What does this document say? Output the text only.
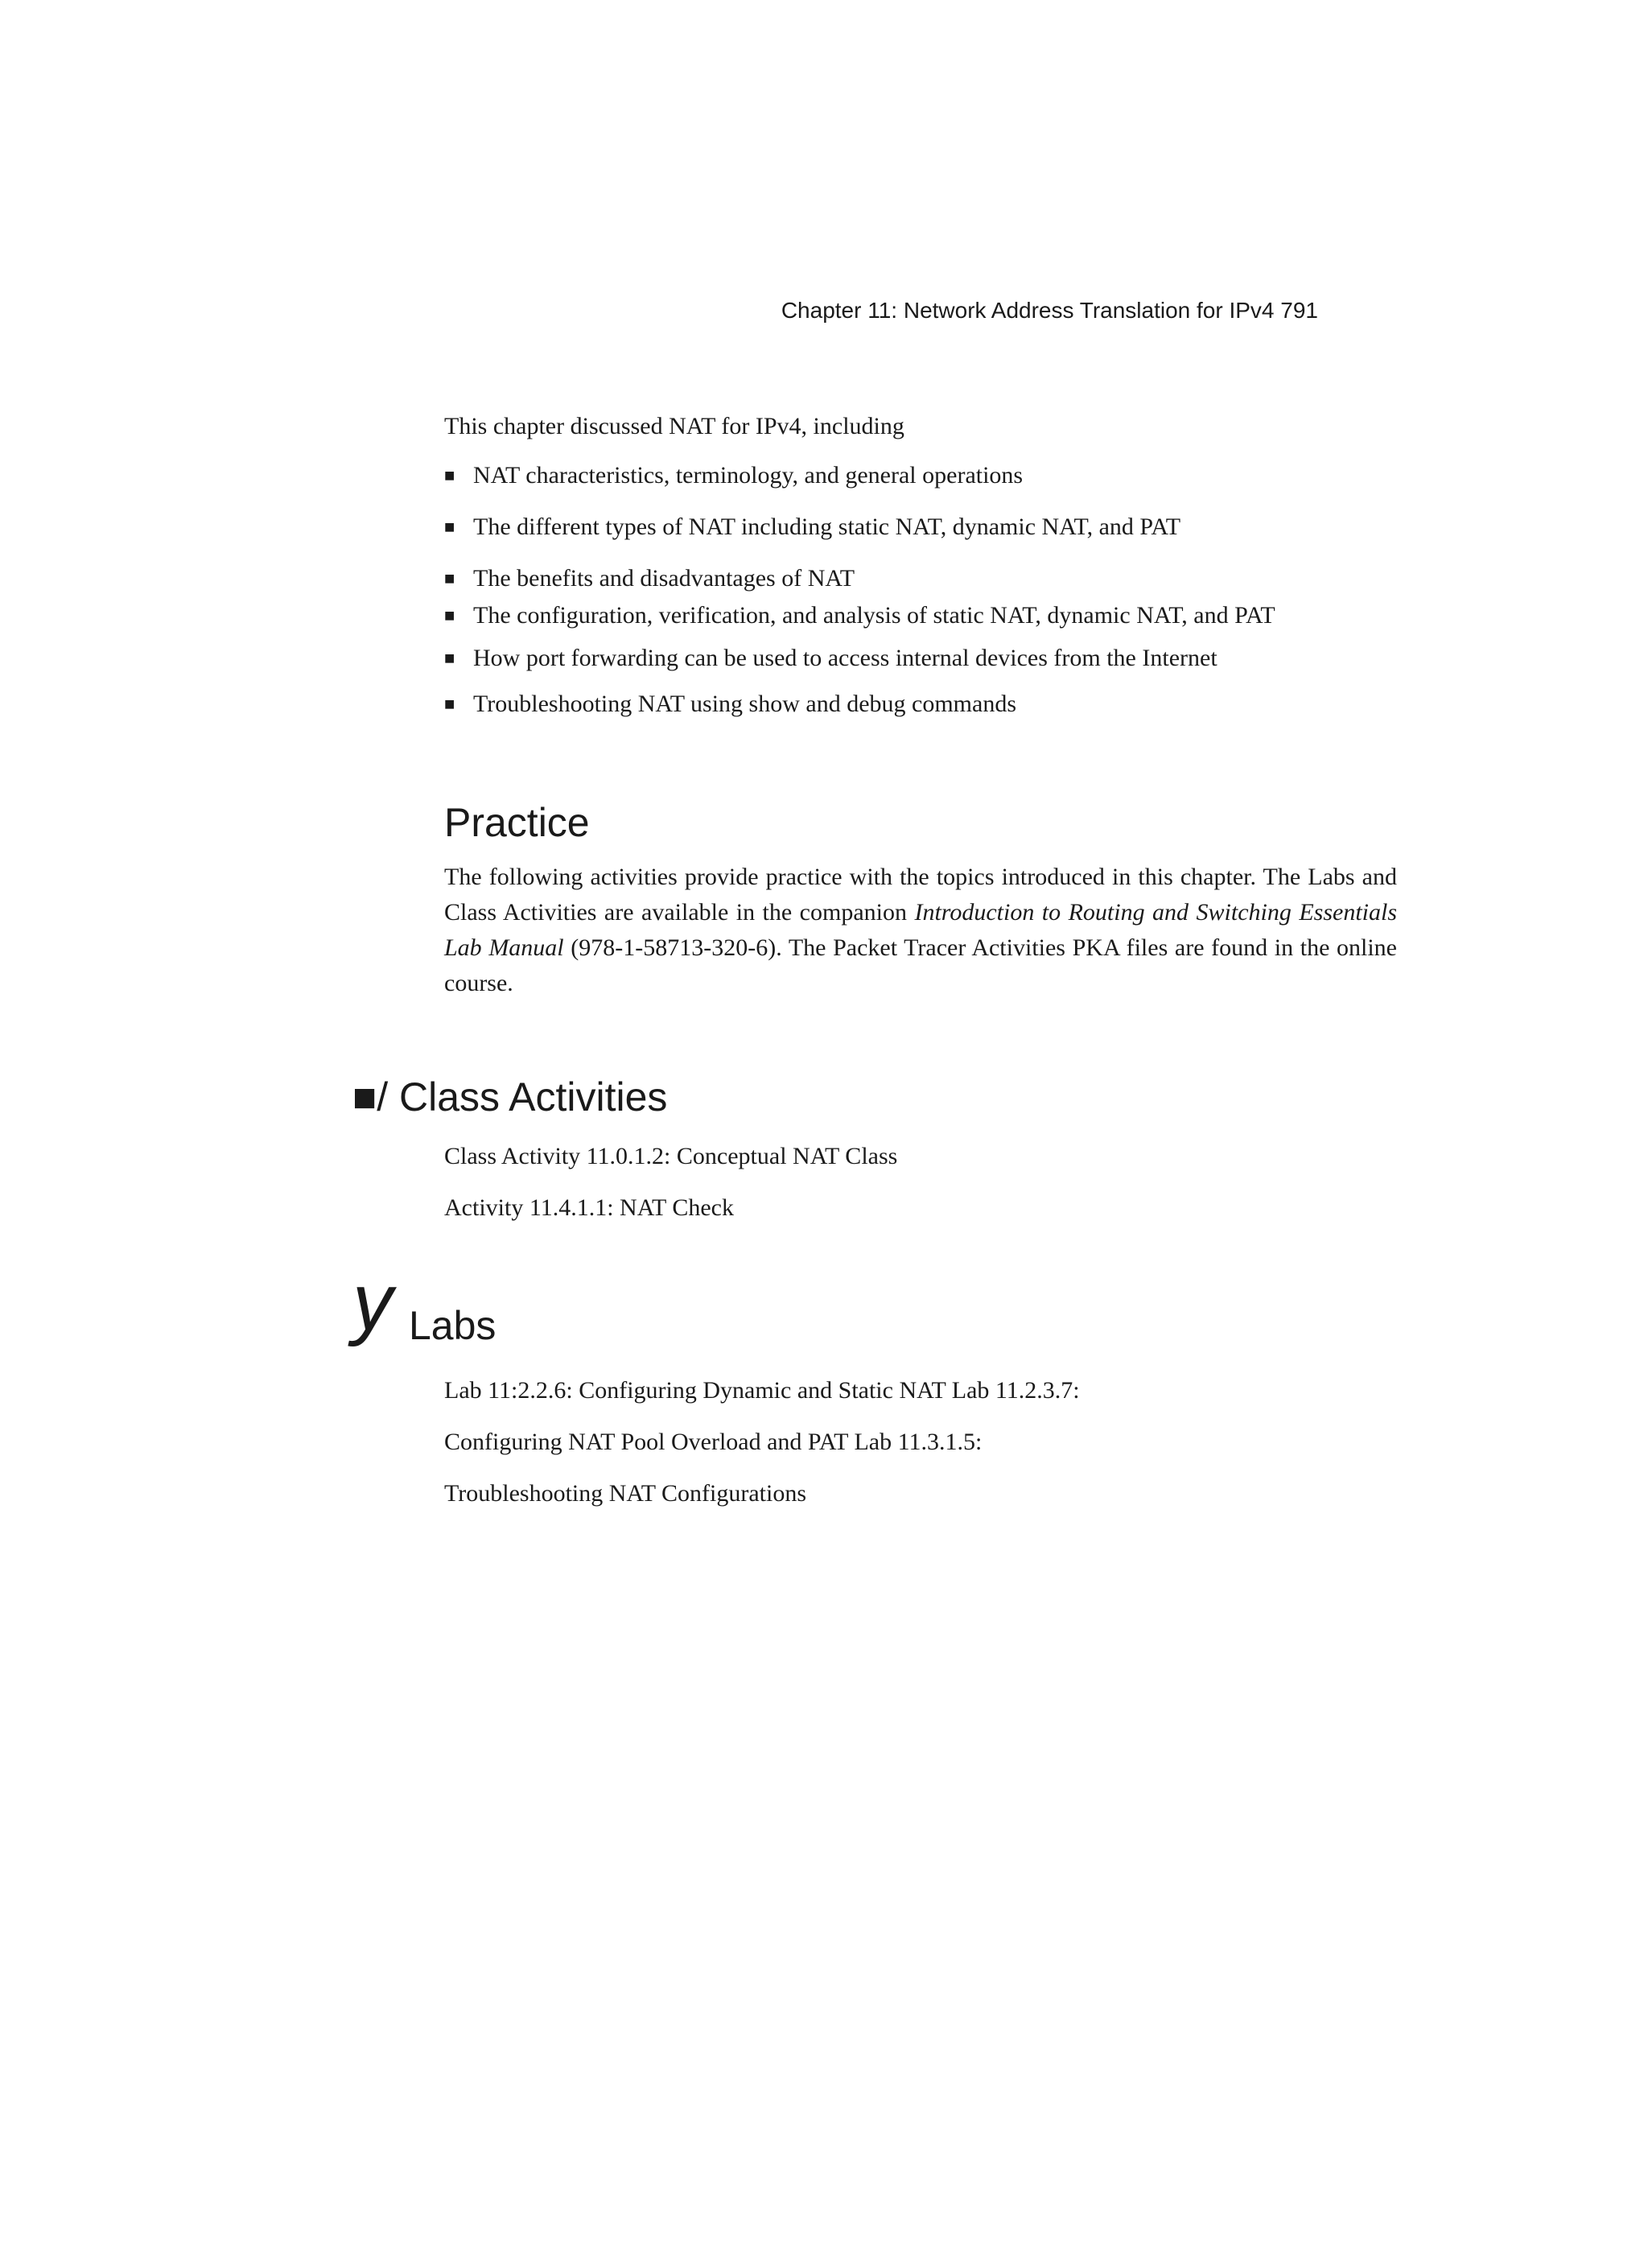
Chapter 11: Network Address Translation for IPv4 791

This chapter discussed NAT for IPv4, including

■ NAT characteristics, terminology, and general operations
■ The different types of NAT including static NAT, dynamic NAT, and PAT
■ The benefits and disadvantages of NAT
■ The configuration, verification, and analysis of static NAT, dynamic NAT, and PAT
■ How port forwarding can be used to access internal devices from the Internet
■ Troubleshooting NAT using show and debug commands
Practice

The following activities provide practice with the topics introduced in this chapter. The Labs and Class Activities are available in the companion Introduction to Routing and Switching Essentials Lab Manual (978-1-58713-320-6). The Packet Tracer Activities PKA files are found in the online course.

■/ Class Activities
Class Activity 11.0.1.2: Conceptual NAT Class
Activity 11.4.1.1: NAT Check
y Labs
Lab 11:2.2.6: Configuring Dynamic and Static NAT Lab 11.2.3.7:
Configuring NAT Pool Overload and PAT Lab 11.3.1.5:
Troubleshooting NAT Configurations
